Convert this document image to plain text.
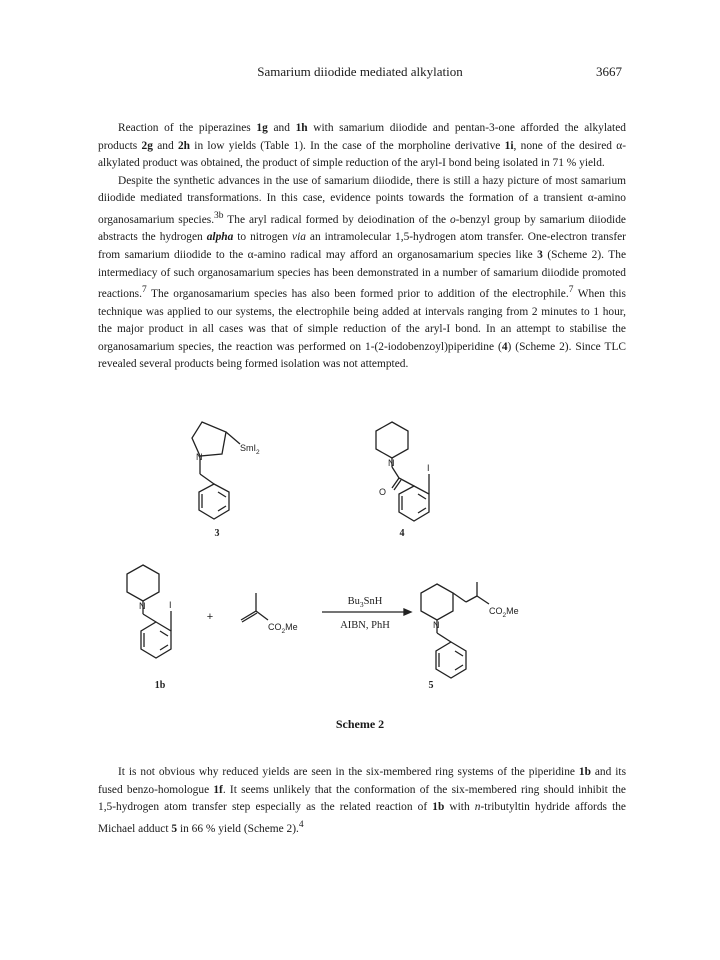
Samarium diiodide mediated alkylation	3667

Reaction of the piperazines 1g and 1h with samarium diiodide and pentan-3-one afforded the alkylated products 2g and 2h in low yields (Table 1). In the case of the morpholine derivative 1i, none of the desired α-alkylated product was obtained, the product of simple reduction of the aryl-I bond being isolated in 71 % yield.

Despite the synthetic advances in the use of samarium diiodide, there is still a hazy picture of most samarium diiodide mediated transformations. In this case, evidence points towards the formation of a transient α-amino organosamarium species.$^{3b}$ The aryl radical formed by deiodination of the o-benzyl group by samarium diiodide abstracts the hydrogen alpha to nitrogen via an intramolecular 1,5-hydrogen atom transfer. One-electron transfer from samarium diiodide to the α-amino radical may afford an organosamarium species like 3 (Scheme 2). The intermediacy of such organosamarium species has been demonstrated in a number of samarium diiodide promoted reactions.$^7$ The organosamarium species has also been formed prior to addition of the electrophile.$^7$ When this technique was applied to our systems, the electrophile being added at intervals ranging from 2 minutes to 1 hour, the major product in all cases was that of simple reduction of the aryl-I bond. In an attempt to stabilise the organosamarium species, the reaction was performed on 1-(2-iodobenzoyl)piperidine (4) (Scheme 2). Since TLC revealed several products being formed isolation was not attempted.

N
SmI$_2$
3
N
O
I
4
N	I
1b
+
$CO_2Me$
$Bu_3SnH$
AIBN, PhH	N
$CO_2Me$
5
Scheme 2

It is not obvious why reduced yields are seen in the six-membered ring systems of the piperidine 1b and its fused benzo-homologue 1f. It seems unlikely that the conformation of the six-membered ring should inhibit the 1,5-hydrogen atom transfer step especially as the related reaction of 1b with n-tributyltin hydride affords the Michael adduct 5 in 66 % yield (Scheme 2).$^4$
